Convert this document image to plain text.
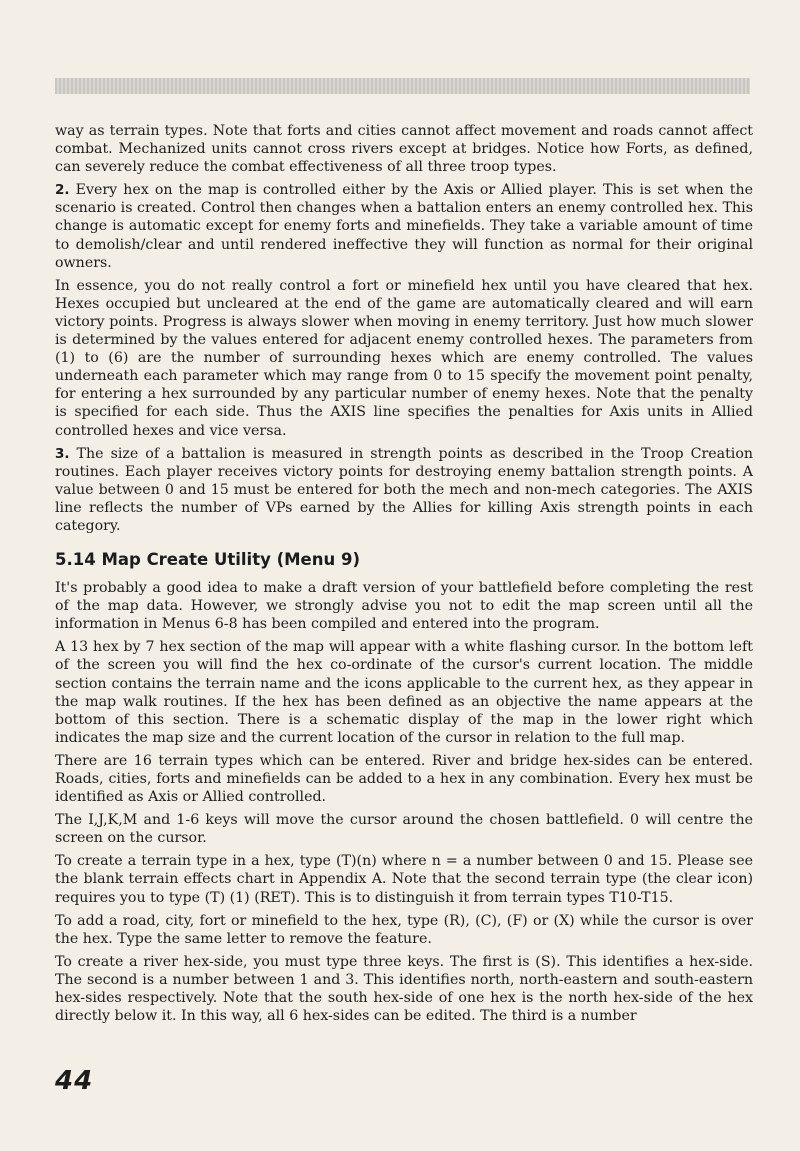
way as terrain types. Note that forts and cities cannot affect movement and roads cannot affect combat. Mechanized units cannot cross rivers except at bridges. Notice how Forts, as defined, can severely reduce the combat effectiveness of all three troop types.

2. Every hex on the map is controlled either by the Axis or Allied player. This is set when the scenario is created. Control then changes when a battalion enters an enemy controlled hex. This change is automatic except for enemy forts and minefields. They take a variable amount of time to demolish/clear and until rendered ineffective they will function as normal for their original owners.

In essence, you do not really control a fort or minefield hex until you have cleared that hex. Hexes occupied but uncleared at the end of the game are automatically cleared and will earn victory points. Progress is always slower when moving in enemy territory. Just how much slower is determined by the values entered for adjacent enemy controlled hexes. The parameters from (1) to (6) are the number of surrounding hexes which are enemy controlled. The values underneath each parameter which may range from 0 to 15 specify the movement point penalty, for entering a hex surrounded by any particular number of enemy hexes. Note that the penalty is specified for each side. Thus the AXIS line specifies the penalties for Axis units in Allied controlled hexes and vice versa.

3. The size of a battalion is measured in strength points as described in the Troop Creation routines. Each player receives victory points for destroying enemy battalion strength points. A value between 0 and 15 must be entered for both the mech and non-mech categories. The AXIS line reflects the number of VPs earned by the Allies for killing Axis strength points in each category.

5.14 Map Create Utility (Menu 9)

It's probably a good idea to make a draft version of your battlefield before completing the rest of the map data. However, we strongly advise you not to edit the map screen until all the information in Menus 6-8 has been compiled and entered into the program.

A 13 hex by 7 hex section of the map will appear with a white flashing cursor. In the bottom left of the screen you will find the hex co-ordinate of the cursor's current location. The middle section contains the terrain name and the icons applicable to the current hex, as they appear in the map walk routines. If the hex has been defined as an objective the name appears at the bottom of this section. There is a schematic display of the map in the lower right which indicates the map size and the current location of the cursor in relation to the full map.

There are 16 terrain types which can be entered. River and bridge hex-sides can be entered. Roads, cities, forts and minefields can be added to a hex in any combination. Every hex must be identified as Axis or Allied controlled.

The I,J,K,M and 1-6 keys will move the cursor around the chosen battlefield. 0 will centre the screen on the cursor.

To create a terrain type in a hex, type (T)(n) where n = a number between 0 and 15. Please see the blank terrain effects chart in Appendix A. Note that the second terrain type (the clear icon) requires you to type (T) (1) (RET). This is to distinguish it from terrain types T10-T15.

To add a road, city, fort or minefield to the hex, type (R), (C), (F) or (X) while the cursor is over the hex. Type the same letter to remove the feature.

To create a river hex-side, you must type three keys. The first is (S). This identifies a hex-side. The second is a number between 1 and 3. This identifies north, north-eastern and south-eastern hex-sides respectively. Note that the south hex-side of one hex is the north hex-side of the hex directly below it. In this way, all 6 hex-sides can be edited. The third is a number

44
